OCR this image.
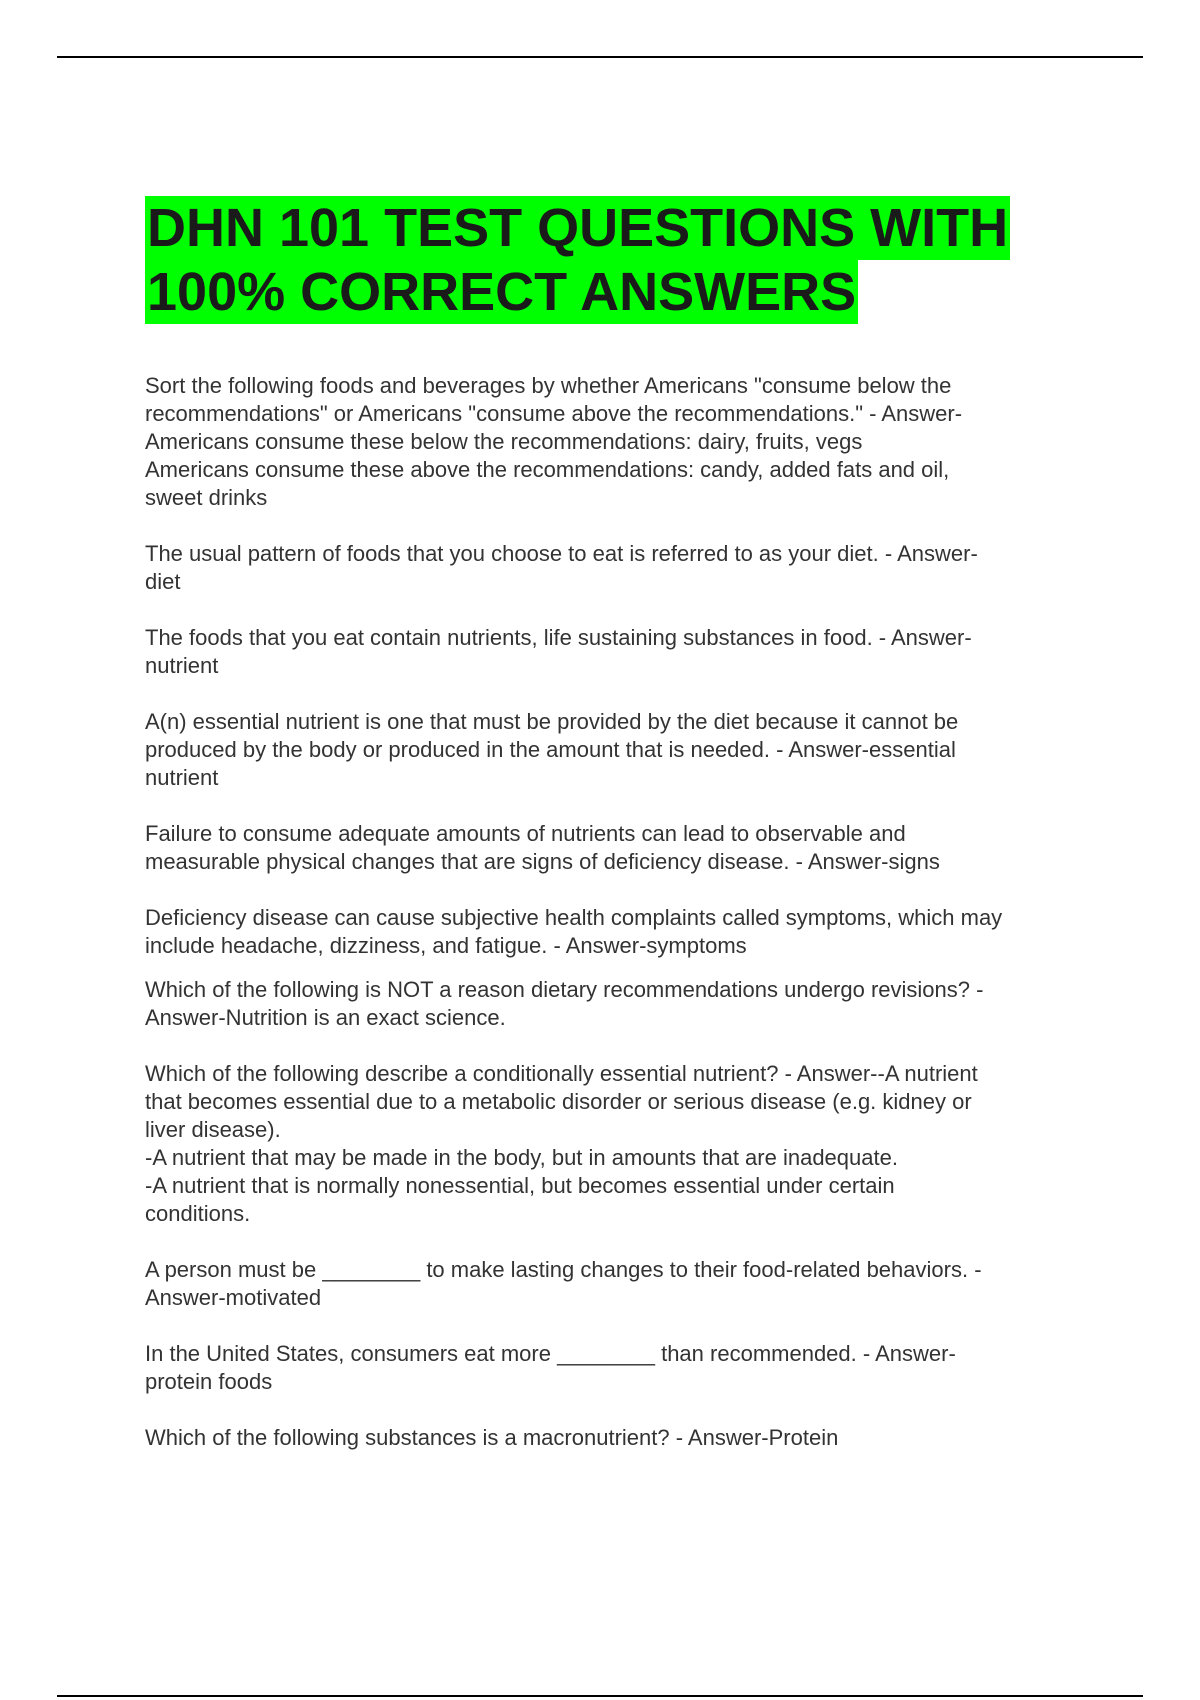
DHN 101 TEST QUESTIONS WITH
100% CORRECT ANSWERS
Sort the following foods and beverages by whether Americans "consume below the
recommendations" or Americans "consume above the recommendations." - Answer-
Americans consume these below the recommendations: dairy, fruits, vegs
Americans consume these above the recommendations: candy, added fats and oil,
sweet drinks
The usual pattern of foods that you choose to eat is referred to as your diet. - Answer-
diet
The foods that you eat contain nutrients, life sustaining substances in food. - Answer-
nutrient
A(n) essential nutrient is one that must be provided by the diet because it cannot be
produced by the body or produced in the amount that is needed. - Answer-essential
nutrient
Failure to consume adequate amounts of nutrients can lead to observable and
measurable physical changes that are signs of deficiency disease. - Answer-signs
Deficiency disease can cause subjective health complaints called symptoms, which may
include headache, dizziness, and fatigue. - Answer-symptoms
Which of the following is NOT a reason dietary recommendations undergo revisions? -
Answer-Nutrition is an exact science.
Which of the following describe a conditionally essential nutrient? - Answer--A nutrient
that becomes essential due to a metabolic disorder or serious disease (e.g. kidney or
liver disease).
-A nutrient that may be made in the body, but in amounts that are inadequate.
-A nutrient that is normally nonessential, but becomes essential under certain
conditions.
A person must be ________ to make lasting changes to their food-related behaviors. -
Answer-motivated
In the United States, consumers eat more ________ than recommended. - Answer-
protein foods
Which of the following substances is a macronutrient? - Answer-Protein
